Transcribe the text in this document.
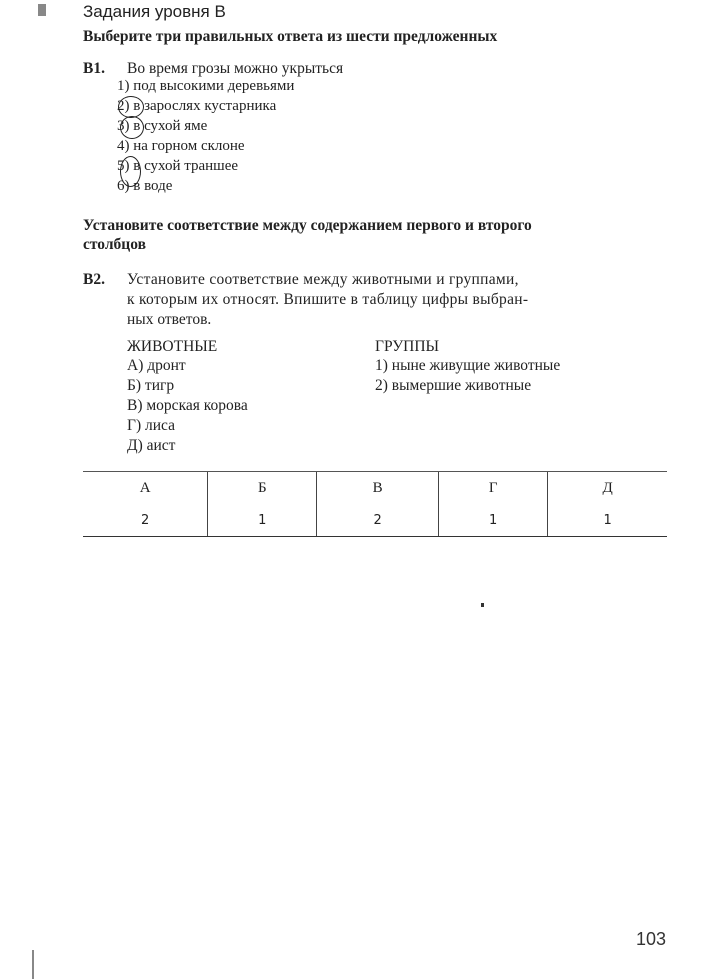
Задания уровня В
Выберите три правильных ответа из шести предложенных
В1. Во время грозы можно укрыться
1) под высокими деревьями
2) в зарослях кустарника
3) в сухой яме
4) на горном склоне
5) в сухой траншее
6) в воде
Установите соответствие между содержанием первого и второго
столбцов
В2. Установите соответствие между животными и группами,
к которым их относят. Впишите в таблицу цифры выбран-
ных ответов.
ЖИВОТНЫЕ
А) дронт
Б) тигр
В) морская корова
Г) лиса
Д) аист
ГРУППЫ
1) ныне живущие животные
2) вымершие животные
А	Б	В	Г	Д
2	1	2	1	1
103
